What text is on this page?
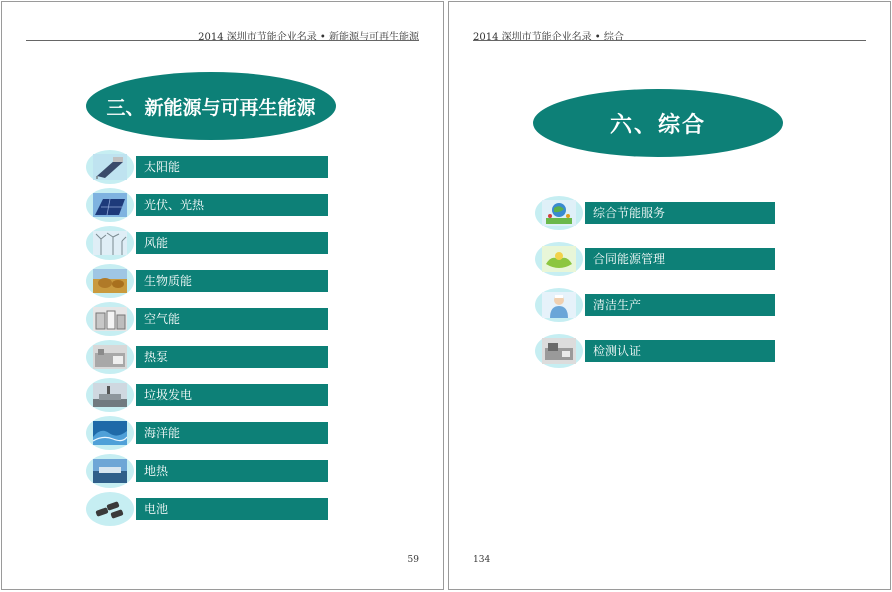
2014 深圳市节能企业名录 • 新能源与可再生能源
三、新能源与可再生能源
太阳能
光伏、光热
风能
生物质能
空气能
热泵
垃圾发电
海洋能
地热
电池
59
2014 深圳市节能企业名录 • 综合
六、综合
综合节能服务
合同能源管理
清洁生产
检测认证
134
